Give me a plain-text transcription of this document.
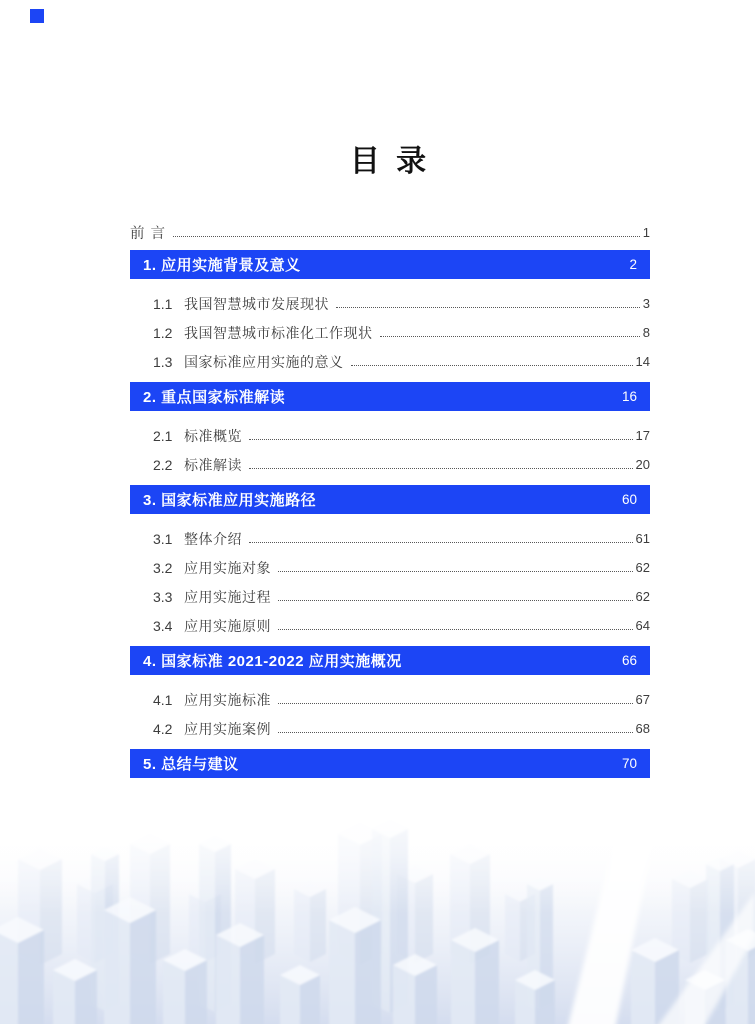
目 录
前 言	1
1. 应用实施背景及意义	2
1.1 我国智慧城市发展现状	3
1.2 我国智慧城市标准化工作现状	8
1.3 国家标准应用实施的意义	14
2. 重点国家标准解读	16
2.1 标准概览	17
2.2 标准解读	20
3. 国家标准应用实施路径	60
3.1 整体介绍	61
3.2 应用实施对象	62
3.3 应用实施过程	62
3.4 应用实施原则	64
4. 国家标准 2021-2022 应用实施概况	66
4.1 应用实施标准	67
4.2 应用实施案例	68
5. 总结与建议	70
